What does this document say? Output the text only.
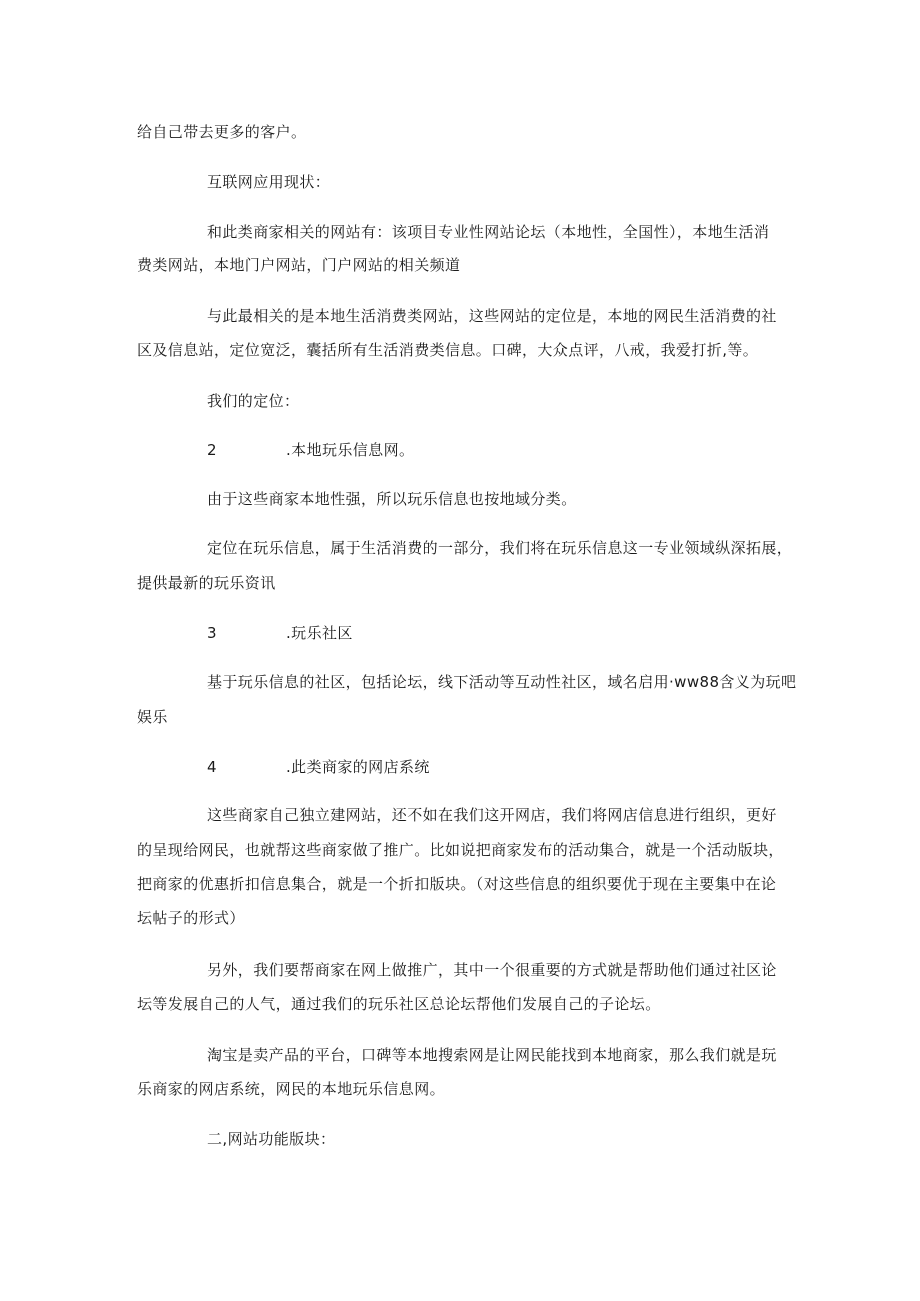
给自己带去更多的客户。
互联网应用现状：
和此类商家相关的网站有：该项目专业性网站论坛（本地性，全国性），本地生活消
费类网站，本地门户网站，门户网站的相关频道
与此最相关的是本地生活消费类网站，这些网站的定位是，本地的网民生活消费的社
区及信息站，定位宽泛，囊括所有生活消费类信息。口碑，大众点评，八戒，我爱打折,等。
我们的定位：
2	.本地玩乐信息网。
由于这些商家本地性强，所以玩乐信息也按地域分类。
定位在玩乐信息，属于生活消费的一部分，我们将在玩乐信息这一专业领域纵深拓展，
提供最新的玩乐资讯
3	.玩乐社区
基于玩乐信息的社区，包括论坛，线下活动等互动性社区，域名启用·ww88含义为玩吧
娱乐
4	.此类商家的网店系统
这些商家自己独立建网站，还不如在我们这开网店，我们将网店信息进行组织，更好
的呈现给网民，也就帮这些商家做了推广。比如说把商家发布的活动集合，就是一个活动版块，
把商家的优惠折扣信息集合，就是一个折扣版块。（对这些信息的组织要优于现在主要集中在论
坛帖子的形式）
另外，我们要帮商家在网上做推广，其中一个很重要的方式就是帮助他们通过社区论
坛等发展自己的人气，通过我们的玩乐社区总论坛帮他们发展自己的子论坛。
淘宝是卖产品的平台，口碑等本地搜索网是让网民能找到本地商家，那么我们就是玩
乐商家的网店系统，网民的本地玩乐信息网。
二,网站功能版块：
